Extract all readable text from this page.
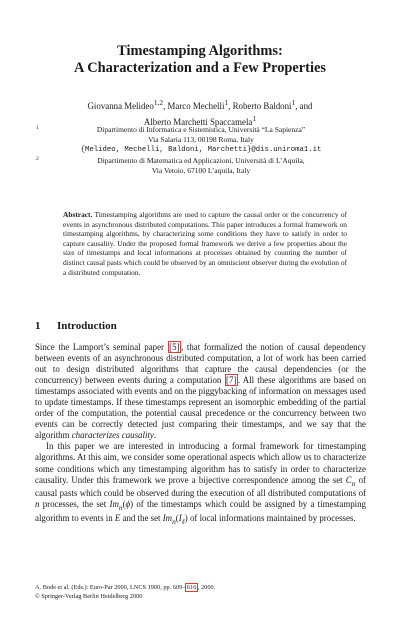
Timestamping Algorithms:
A Characterization and a Few Properties
Giovanna Melideo$^{1,2}$, Marco Mechelli$^1$, Roberto Baldoni$^1$, and
Alberto Marchetti Spaccamela$^1$
1	Dipartimento di Informatica e Sistemistica, Università “La Sapienza”
Via Salaria 113, 00198 Roma, Italy
{Melideo, Mechelli, Baldoni, Marchetti}@dis.uniroma1.it
2	Dipartimento di Matematica ed Applicazioni, Università di L’Aquila,
Via Vetoio, 67100 L’aquila, Italy
Abstract. Timestamping algorithms are used to capture the causal order or the concurrency of events in asynchronous distributed computations. This paper introduces a formal framework on timestamping algorithms, by characterizing some conditions they have to satisfy in order to capture causality. Under the proposed formal framework we derive a few properties about the size of timestamps and local informations at processes obtained by counting the number of distinct causal pasts which could be observed by an omniscient observer during the evolution of a distributed computation.
1 Introduction

Since the Lamport’s seminal paper [5] , that formalized the notion of causal dependency between events of an asynchronous distributed computation, a lot of work has been carried out to design distributed algorithms that capture the causal dependencies (or the concurrency) between events during a computation [7] . All these algorithms are based on timestamps associated with events and on the piggybacking of information on messages used to update timestamps. If these timestamps represent an isomorphic embedding of the partial order of the computation, the potential causal precedence or the concurrency between two events can be correctly detected just comparing their timestamps, and we say that the algorithm characterizes causality.

In this paper we are interested in introducing a formal framework for timestamping algorithms. At this aim, we consider some operational aspects which allow us to characterize some conditions which any timestamping algorithm has to satisfy in order to characterize causality. Under this framework we prove a bijective correspondence among the set $C_n$ of causal pasts which could be observed during the execution of all distributed computations of n processes, the set $Im_n(\phi)$ of the timestamps which could be assigned by a timestamping algorithm to events in E and the set $Im_n(I_\ell)$ of local informations maintained by processes.

A. Bode et al. (Eds.): Euro-Par 2000, LNCS 1900, pp. 609– 616 , 2000.
© Springer-Verlag Berlin Heidelberg 2000
